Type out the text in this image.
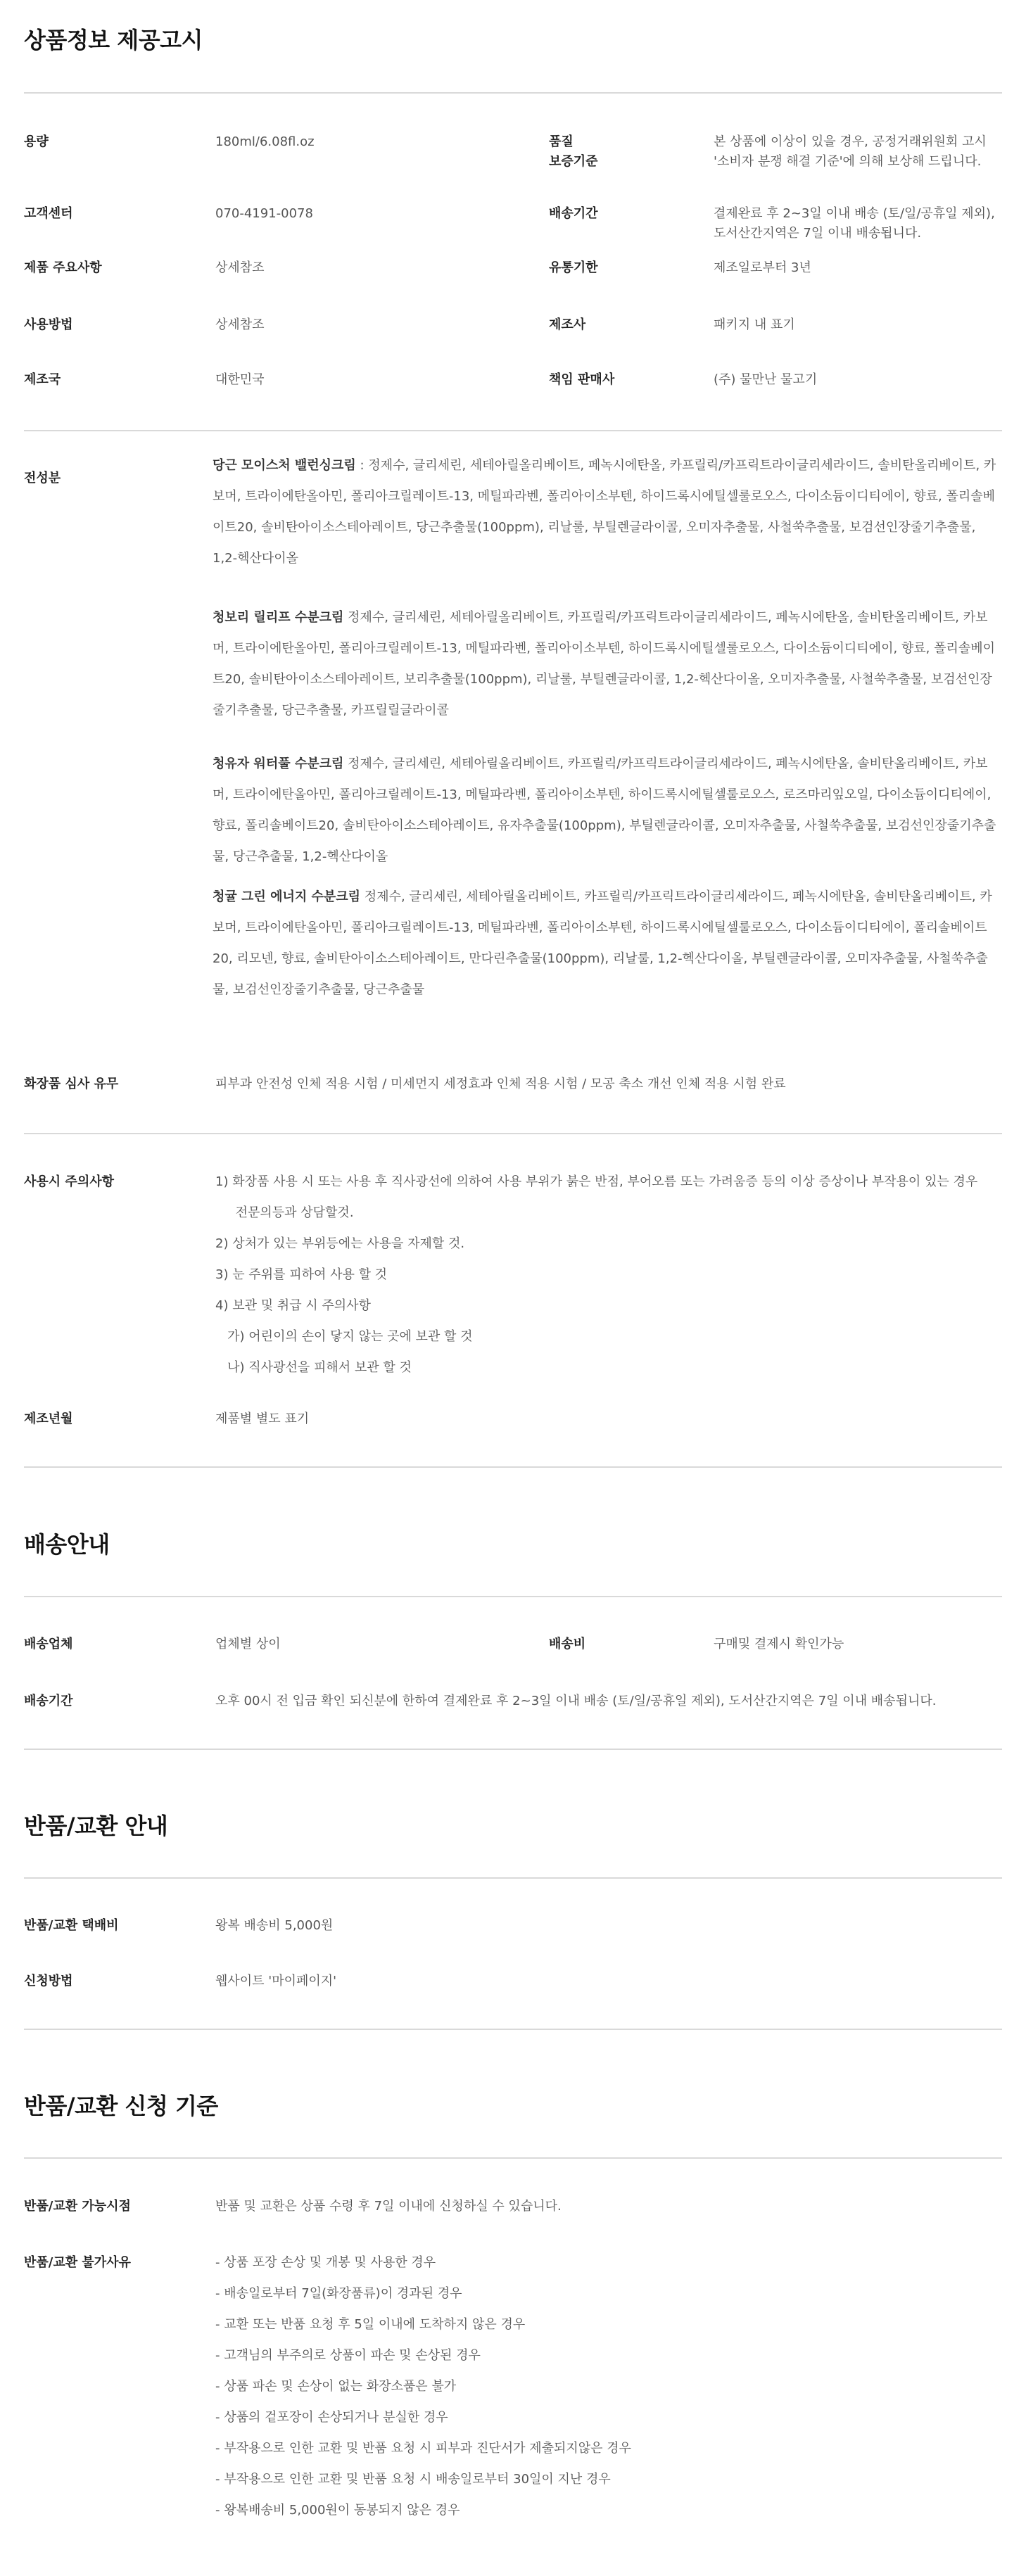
상품정보 제공고시
용량	180ml/6.08fl.oz	품질
보증기준
본 상품에 이상이 있을 경우, 공정거래위원회 고시
'소비자 분쟁 해결 기준'에 의해 보상해 드립니다.
고객센터	070-4191-0078	배송기간	결제완료 후 2~3일 이내 배송 (토/일/공휴일 제외),
도서산간지역은 7일 이내 배송됩니다.
제품 주요사항	상세참조	유통기한	제조일로부터 3년
사용방법	상세참조	제조사	패키지 내 표기
제조국	대한민국	책임 판매사	(주) 물만난 물고기
전성분

당근 모이스처 밸런싱크림 : 정제수, 글리세린, 세테아릴올리베이트, 페녹시에탄올, 카프릴릭/카프릭트라이글리세라이드, 솔비탄올리베이트, 카보머, 트라이에탄올아민, 폴리아크릴레이트-13, 메틸파라벤, 폴리아이소부텐, 하이드록시에틸셀룰로오스, 다이소듐이디티에이, 향료, 폴리솔베이트20, 솔비탄아이소스테아레이트, 당근추출물(100ppm), 리날룰, 부틸렌글라이콜, 오미자추출물, 사철쑥추출물, 보검선인장줄기추출물, 1,2-헥산다이올

청보리 릴리프 수분크림 정제수, 글리세린, 세테아릴올리베이트, 카프릴릭/카프릭트라이글리세라이드, 페녹시에탄올, 솔비탄올리베이트, 카보머, 트라이에탄올아민, 폴리아크릴레이트-13, 메틸파라벤, 폴리아이소부텐, 하이드록시에틸셀룰로오스, 다이소듐이디티에이, 향료, 폴리솔베이트20, 솔비탄아이소스테아레이트, 보리추출물(100ppm), 리날룰, 부틸렌글라이콜, 1,2-헥산다이올, 오미자추출물, 사철쑥추출물, 보검선인장줄기추출물, 당근추출물, 카프릴릴글라이콜

청유자 워터풀 수분크림 정제수, 글리세린, 세테아릴올리베이트, 카프릴릭/카프릭트라이글리세라이드, 페녹시에탄올, 솔비탄올리베이트, 카보머, 트라이에탄올아민, 폴리아크릴레이트-13, 메틸파라벤, 폴리아이소부텐, 하이드록시에틸셀룰로오스, 로즈마리잎오일, 다이소듐이디티에이, 향료, 폴리솔베이트20, 솔비탄아이소스테아레이트, 유자추출물(100ppm), 부틸렌글라이콜, 오미자추출물, 사철쑥추출물, 보검선인장줄기추출물, 당근추출물, 1,2-헥산다이올

청귤 그린 에너지 수분크림 정제수, 글리세린, 세테아릴올리베이트, 카프릴릭/카프릭트라이글리세라이드, 페녹시에탄올, 솔비탄올리베이트, 카보머, 트라이에탄올아민, 폴리아크릴레이트-13, 메틸파라벤, 폴리아이소부텐, 하이드록시에틸셀룰로오스, 다이소듐이디티에이, 폴리솔베이트20, 리모넨, 향료, 솔비탄아이소스테아레이트, 만다린추출물(100ppm), 리날룰, 1,2-헥산다이올, 부틸렌글라이콜, 오미자추출물, 사철쑥추출물, 보검선인장줄기추출물, 당근추출물

화장품 심사 유무	피부과 안전성 인체 적용 시험 / 미세먼지 세정효과 인체 적용 시험 / 모공 축소 개선 인체 적용 시험 완료
사용시 주의사항	1) 화장품 사용 시 또는 사용 후 직사광선에 의하여 사용 부위가 붉은 반점, 부어오름 또는 가려움증 등의 이상 증상이나 부작용이 있는 경우
전문의등과 상담할것.
2) 상처가 있는 부위등에는 사용을 자제할 것.
3) 눈 주위를 피하여 사용 할 것
4) 보관 및 취급 시 주의사항
가) 어린이의 손이 닿지 않는 곳에 보관 할 것
나) 직사광선을 피해서 보관 할 것
제조년월	제품별 별도 표기
배송안내
배송업체	업체별 상이	배송비	구매및 결제시 확인가능
배송기간	오후 00시 전 입금 확인 되신분에 한하여 결제완료 후 2~3일 이내 배송 (토/일/공휴일 제외), 도서산간지역은 7일 이내 배송됩니다.
반품/교환 안내
반품/교환 택배비	왕복 배송비 5,000원
신청방법	웹사이트 '마이페이지'
반품/교환 신청 기준
반품/교환 가능시점	반품 및 교환은 상품 수령 후 7일 이내에 신청하실 수 있습니다.
반품/교환 불가사유	- 상품 포장 손상 및 개봉 및 사용한 경우
- 배송일로부터 7일(화장품류)이 경과된 경우
- 교환 또는 반품 요청 후 5일 이내에 도착하지 않은 경우
- 고객님의 부주의로 상품이 파손 및 손상된 경우
- 상품 파손 및 손상이 없는 화장소품은 불가
- 상품의 겉포장이 손상되거나 분실한 경우
- 부작용으로 인한 교환 및 반품 요청 시 피부과 진단서가 제출되지않은 경우
- 부작용으로 인한 교환 및 반품 요청 시 배송일로부터 30일이 지난 경우
- 왕복배송비 5,000원이 동봉되지 않은 경우
